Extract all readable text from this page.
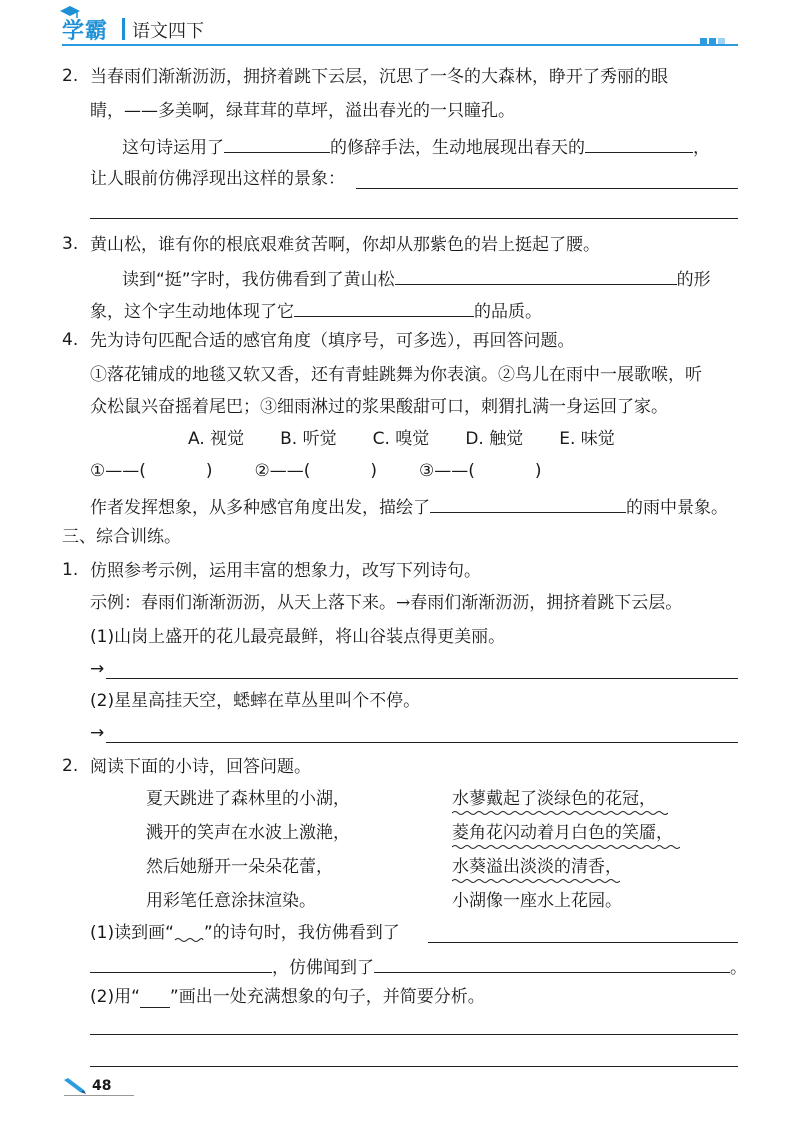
学霸 语文四下
2. 当春雨们渐渐沥沥，拥挤着跳下云层，沉思了一冬的大森林，睁开了秀丽的眼
睛，——多美啊，绿茸茸的草坪，溢出春光的一只瞳孔。
这句诗运用了	的修辞手法，生动地展现出春天的	，
让人眼前仿佛浮现出这样的景象：
3. 黄山松，谁有你的根底艰难贫苦啊，你却从那紫色的岩上挺起了腰。
读到“挺”字时，我仿佛看到了黄山松	的形
象，这个字生动地体现了它	的品质。
4. 先为诗句匹配合适的感官角度（填序号，可多选），再回答问题。
①落花铺成的地毯又软又香，还有青蛙跳舞为你表演。②鸟儿在雨中一展歌喉，听
众松鼠兴奋摇着尾巴；③细雨淋过的浆果酸甜可口，刺猬扎满一身运回了家。
A. 视觉 B. 听觉 C. 嗅觉 D. 触觉 E. 味觉
①——(	) ②——(	) ③——(	)
作者发挥想象，从多种感官角度出发，描绘了	的雨中景象。
三、综合训练。
1. 仿照参考示例，运用丰富的想象力，改写下列诗句。
示例：春雨们渐渐沥沥，从天上落下来。→春雨们渐渐沥沥，拥挤着跳下云层。
(1)山岗上盛开的花儿最亮最鲜，将山谷装点得更美丽。
→
(2)星星高挂天空，蟋蟀在草丛里叫个不停。
→
2. 阅读下面的小诗，回答问题。
夏天跳进了森林里的小湖，
溅开的笑声在水波上激滟，
然后她掰开一朵朵花蕾，
用彩笔任意涂抹渲染。
水蓼戴起了淡绿色的花冠，
菱角花闪动着月白色的笑靥，
水葵溢出淡淡的清香，
小湖像一座水上花园。
(1)读到画“ ”的诗句时，我仿佛看到了
，仿佛闻到了	。
(2)用“ ”画出一处充满想象的句子，并简要分析。
48
